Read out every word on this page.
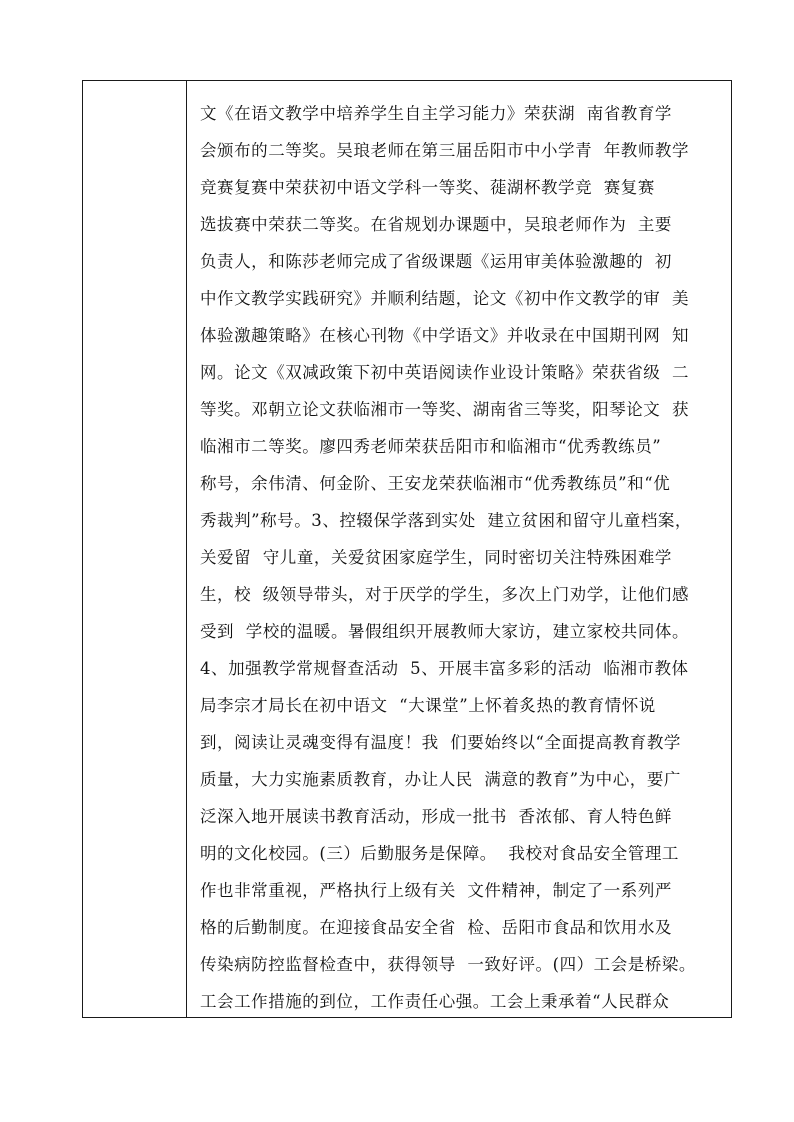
文《在语文教学中培养学生自主学习能力》荣获湖  南省教育学
会颁布的二等奖。吴琅老师在第三届岳阳市中小学青  年教师教学
竞赛复赛中荣获初中语文学科一等奖、蓰湖杯教学竞  赛复赛
选拔赛中荣获二等奖。在省规划办课题中，吴琅老师作为  主要
负责人，和陈莎老师完成了省级课题《运用审美体验激趣的  初
中作文教学实践研究》并顺利结题，论文《初中作文教学的审  美
体验激趣策略》在核心刊物《中学语文》并收录在中国期刊网  知
网。论文《双减政策下初中英语阅读作业设计策略》荣获省级  二
等奖。邓朝立论文获临湘市一等奖、湖南省三等奖，阳琴论文  获
临湘市二等奖。廖四秀老师荣获岳阳市和临湘市“优秀教练员”
称号，余伟清、何金阶、王安龙荣获临湘市“优秀教练员”和“优
秀裁判”称号。3、控辍保学落到实处  建立贫困和留守儿童档案，
关爱留  守儿童，关爱贫困家庭学生，同时密切关注特殊困难学
生，校  级领导带头，对于厌学的学生，多次上门劝学，让他们感
受到  学校的温暖。暑假组织开展教师大家访，建立家校共同体。
4、加强教学常规督查活动  5、开展丰富多彩的活动  临湘市教体
局李宗才局长在初中语文  “大课堂”上怀着炙热的教育情怀说
到，阅读让灵魂变得有温度！我  们要始终以“全面提高教育教学
质量，大力实施素质教育，办让人民  满意的教育”为中心，要广
泛深入地开展读书教育活动，形成一批书  香浓郁、育人特色鲜
明的文化校园。(三）后勤服务是保障。  我校对食品安全管理工
作也非常重视，严格执行上级有关  文件精神，制定了一系列严
格的后勤制度。在迎接食品安全省  检、岳阳市食品和饮用水及
传染病防控监督检查中，获得领导  一致好评。(四）工会是桥梁。
工会工作措施的到位，工作责任心强。工会上秉承着“人民群众
